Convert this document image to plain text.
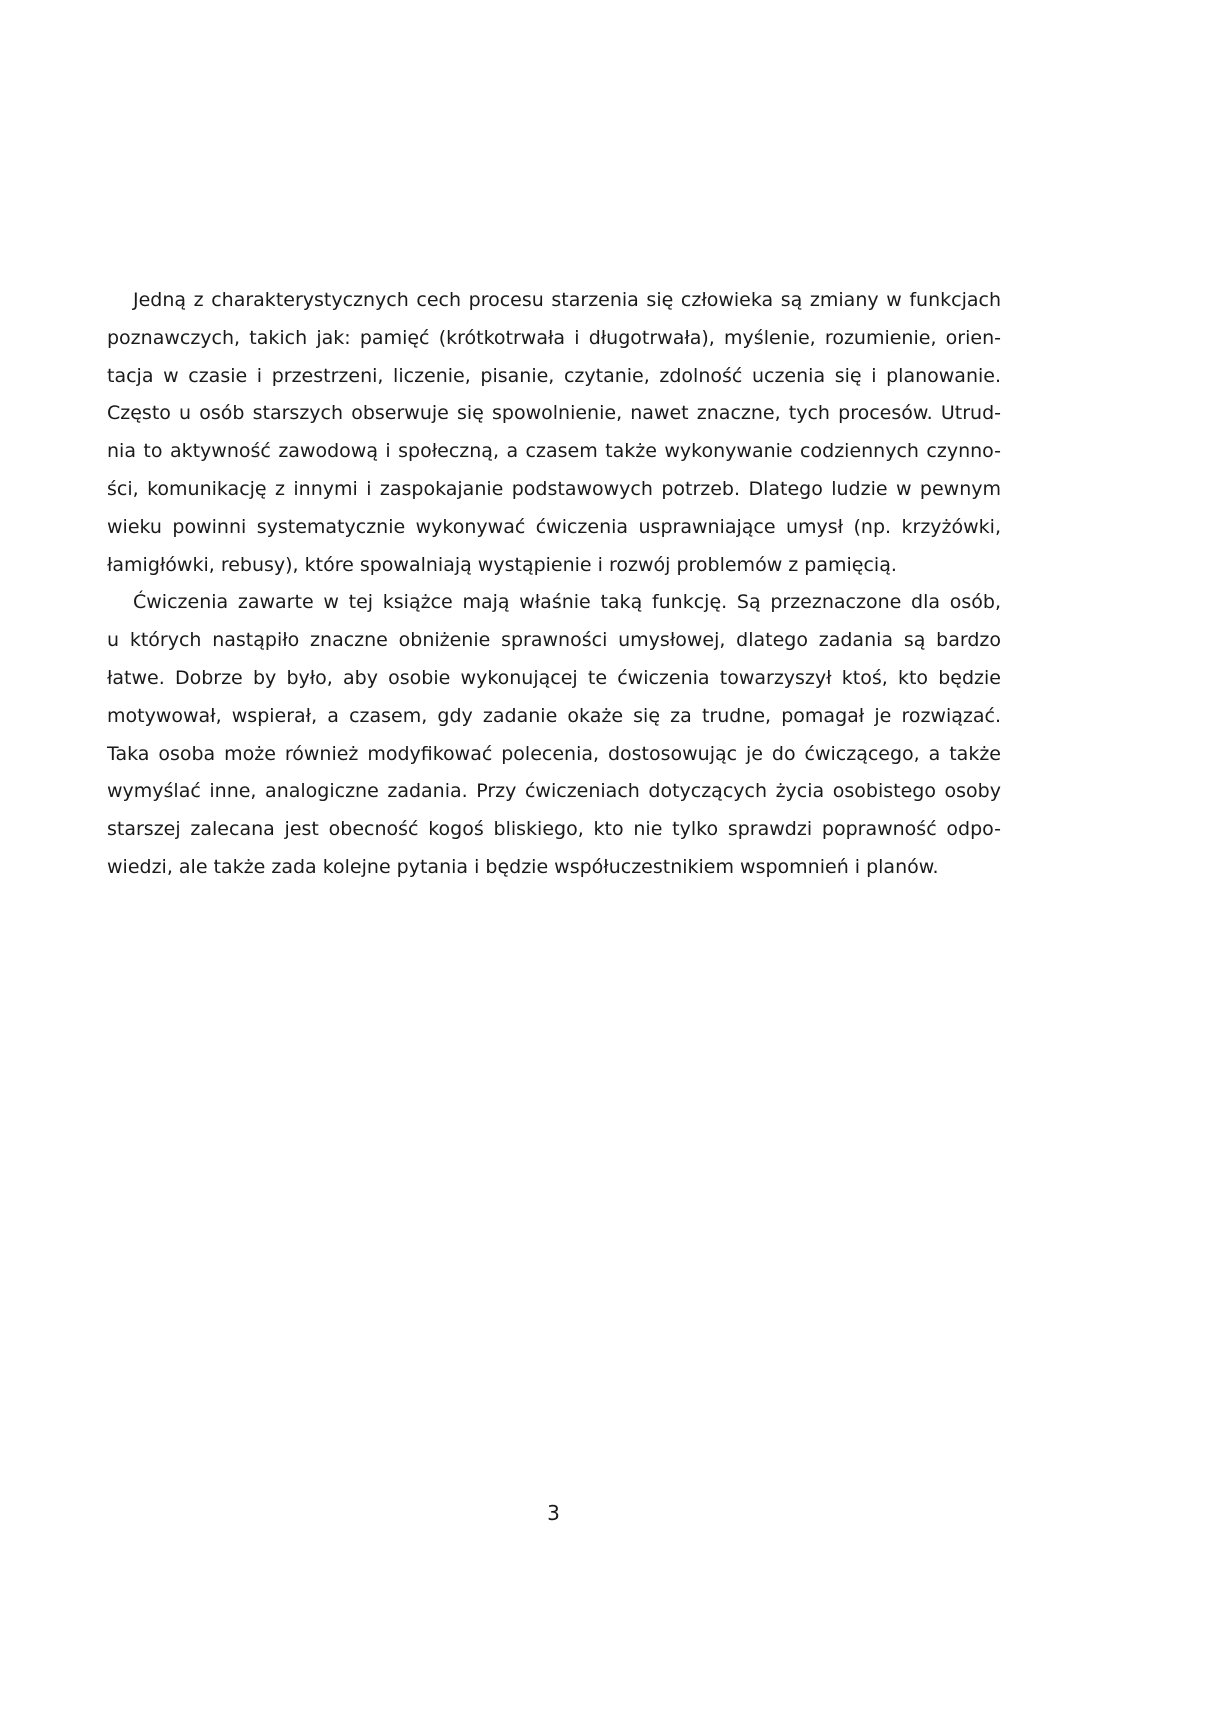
Jedną z charakterystycznych cech procesu starzenia się człowieka są zmiany w funkcjach
poznawczych, takich jak: pamięć (krótkotrwała i długotrwała), myślenie, rozumienie, orien-
tacja w czasie i przestrzeni, liczenie, pisanie, czytanie, zdolność uczenia się i planowanie.
Często u osób starszych obserwuje się spowolnienie, nawet znaczne, tych procesów. Utrud-
nia to aktywność zawodową i społeczną, a czasem także wykonywanie codziennych czynno-
ści, komunikację z innymi i zaspokajanie podstawowych potrzeb. Dlatego ludzie w pewnym
wieku powinni systematycznie wykonywać ćwiczenia usprawniające umysł (np. krzyżówki,
łamigłówki, rebusy), które spowalniają wystąpienie i rozwój problemów z pamięcią.
Ćwiczenia zawarte w tej książce mają właśnie taką funkcję. Są przeznaczone dla osób,
u których nastąpiło znaczne obniżenie sprawności umysłowej, dlatego zadania są bardzo
łatwe. Dobrze by było, aby osobie wykonującej te ćwiczenia towarzyszył ktoś, kto będzie
motywował, wspierał, a czasem, gdy zadanie okaże się za trudne, pomagał je rozwiązać.
Taka osoba może również modyfikować polecenia, dostosowując je do ćwiczącego, a także
wymyślać inne, analogiczne zadania. Przy ćwiczeniach dotyczących życia osobistego osoby
starszej zalecana jest obecność kogoś bliskiego, kto nie tylko sprawdzi poprawność odpo-
wiedzi, ale także zada kolejne pytania i będzie współuczestnikiem wspomnień i planów.
3
